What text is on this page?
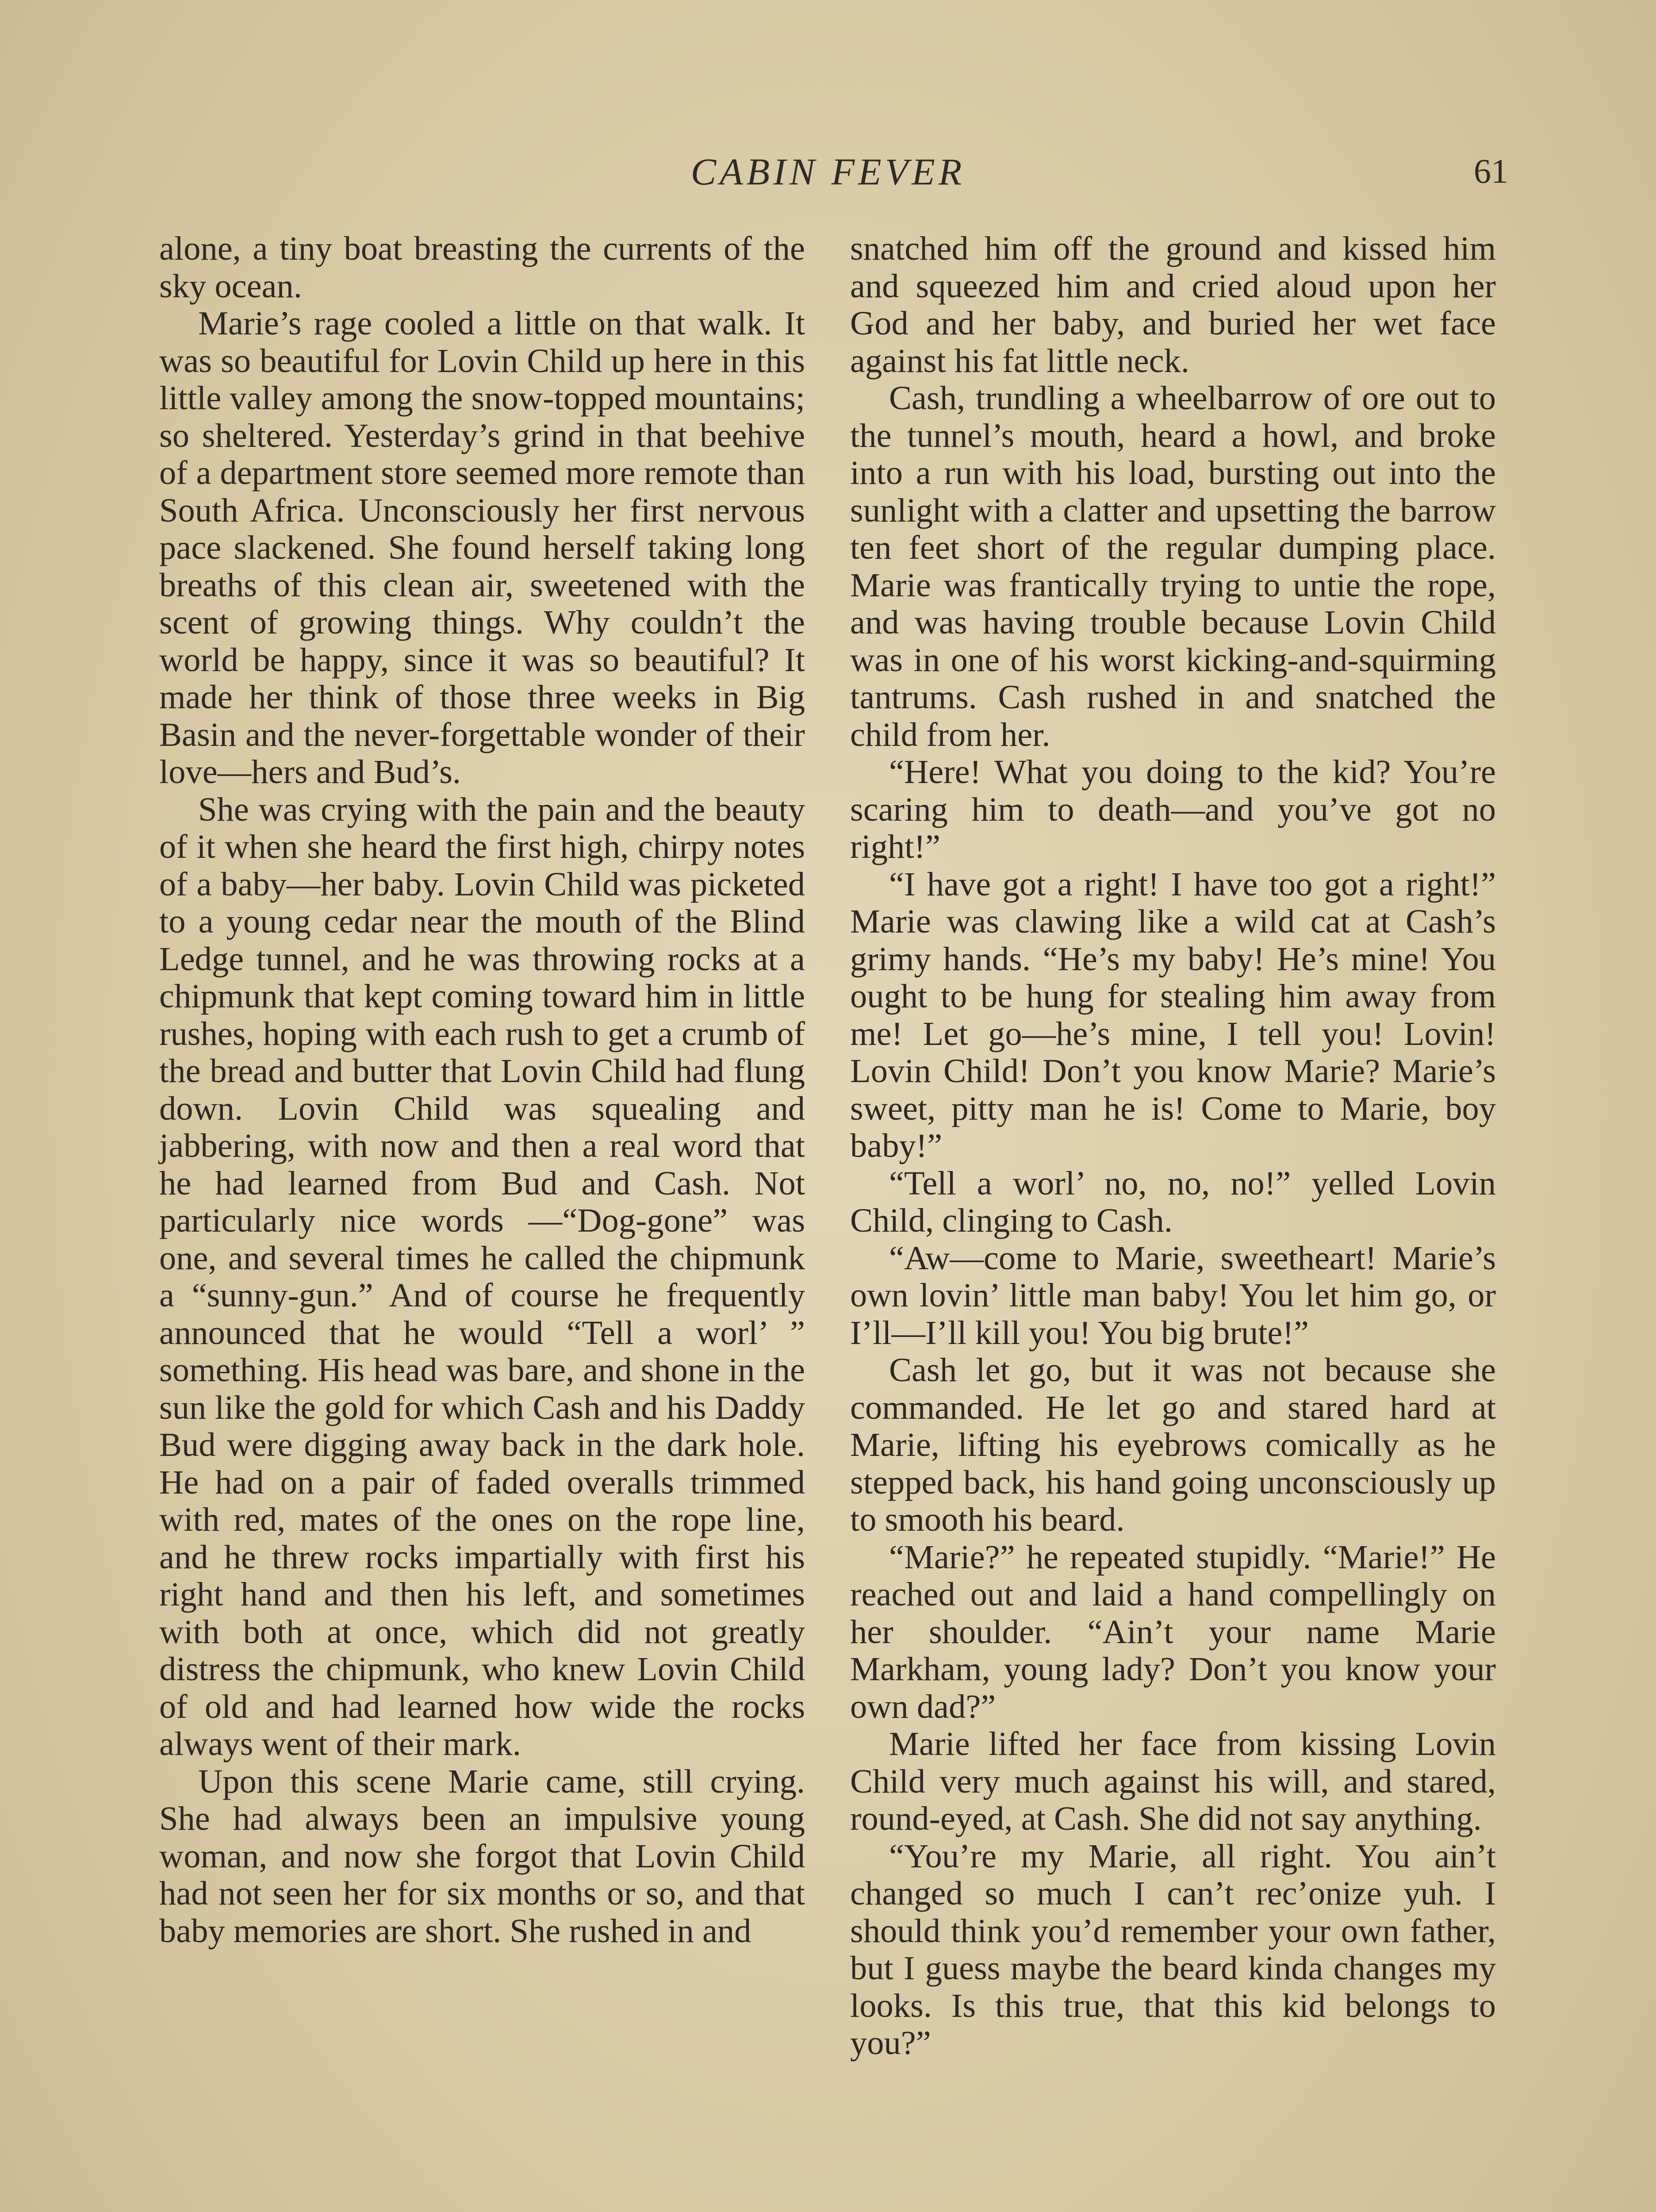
CABIN FEVER	61

alone, a tiny boat breasting the currents of the sky ocean.

Marie’s rage cooled a little on that walk. It was so beautiful for Lovin Child up here in this little valley among the snow-topped mountains; so sheltered. Yesterday’s grind in that beehive of a department store seemed more remote than South Africa. Unconsciously her first nervous pace slackened. She found herself taking long breaths of this clean air, sweetened with the scent of growing things. Why couldn’t the world be happy, since it was so beautiful? It made her think of those three weeks in Big Basin and the never-forgettable wonder of their love—hers and Bud’s.

She was crying with the pain and the beauty of it when she heard the first high, chirpy notes of a baby—her baby. Lovin Child was picketed to a young cedar near the mouth of the Blind Ledge tunnel, and he was throwing rocks at a chipmunk that kept coming toward him in little rushes, hoping with each rush to get a crumb of the bread and butter that Lovin Child had flung down. Lovin Child was squealing and jabbering, with now and then a real word that he had learned from Bud and Cash. Not particularly nice words —“Dog-gone” was one, and several times he called the chipmunk a “sunny-gun.” And of course he frequently announced that he would “Tell a worl’ ” something. His head was bare, and shone in the sun like the gold for which Cash and his Daddy Bud were digging away back in the dark hole. He had on a pair of faded overalls trimmed with red, mates of the ones on the rope line, and he threw rocks impartially with first his right hand and then his left, and sometimes with both at once, which did not greatly distress the chipmunk, who knew Lovin Child of old and had learned how wide the rocks always went of their mark.

Upon this scene Marie came, still crying. She had always been an impulsive young woman, and now she forgot that Lovin Child had not seen her for six months or so, and that baby memories are short. She rushed in and

snatched him off the ground and kissed him and squeezed him and cried aloud upon her God and her baby, and buried her wet face against his fat little neck.

Cash, trundling a wheelbarrow of ore out to the tunnel’s mouth, heard a howl, and broke into a run with his load, bursting out into the sunlight with a clatter and upsetting the barrow ten feet short of the regular dumping place. Marie was frantically trying to untie the rope, and was having trouble because Lovin Child was in one of his worst kicking-and-squirming tantrums. Cash rushed in and snatched the child from her.

“Here! What you doing to the kid? You’re scaring him to death—and you’ve got no right!”

“I have got a right! I have too got a right!” Marie was clawing like a wild cat at Cash’s grimy hands. “He’s my baby! He’s mine! You ought to be hung for stealing him away from me! Let go—he’s mine, I tell you! Lovin! Lovin Child! Don’t you know Marie? Marie’s sweet, pitty man he is! Come to Marie, boy baby!”

“Tell a worl’ no, no, no!” yelled Lovin Child, clinging to Cash.

“Aw—come to Marie, sweetheart! Marie’s own lovin’ little man baby! You let him go, or I’ll—I’ll kill you! You big brute!”

Cash let go, but it was not because she commanded. He let go and stared hard at Marie, lifting his eyebrows comically as he stepped back, his hand going unconsciously up to smooth his beard.

“Marie?” he repeated stupidly. “Marie!” He reached out and laid a hand compellingly on her shoulder. “Ain’t your name Marie Markham, young lady? Don’t you know your own dad?”

Marie lifted her face from kissing Lovin Child very much against his will, and stared, round-eyed, at Cash. She did not say anything.

“You’re my Marie, all right. You ain’t changed so much I can’t rec’onize yuh. I should think you’d remember your own father, but I guess maybe the beard kinda changes my looks. Is this true, that this kid belongs to you?”
